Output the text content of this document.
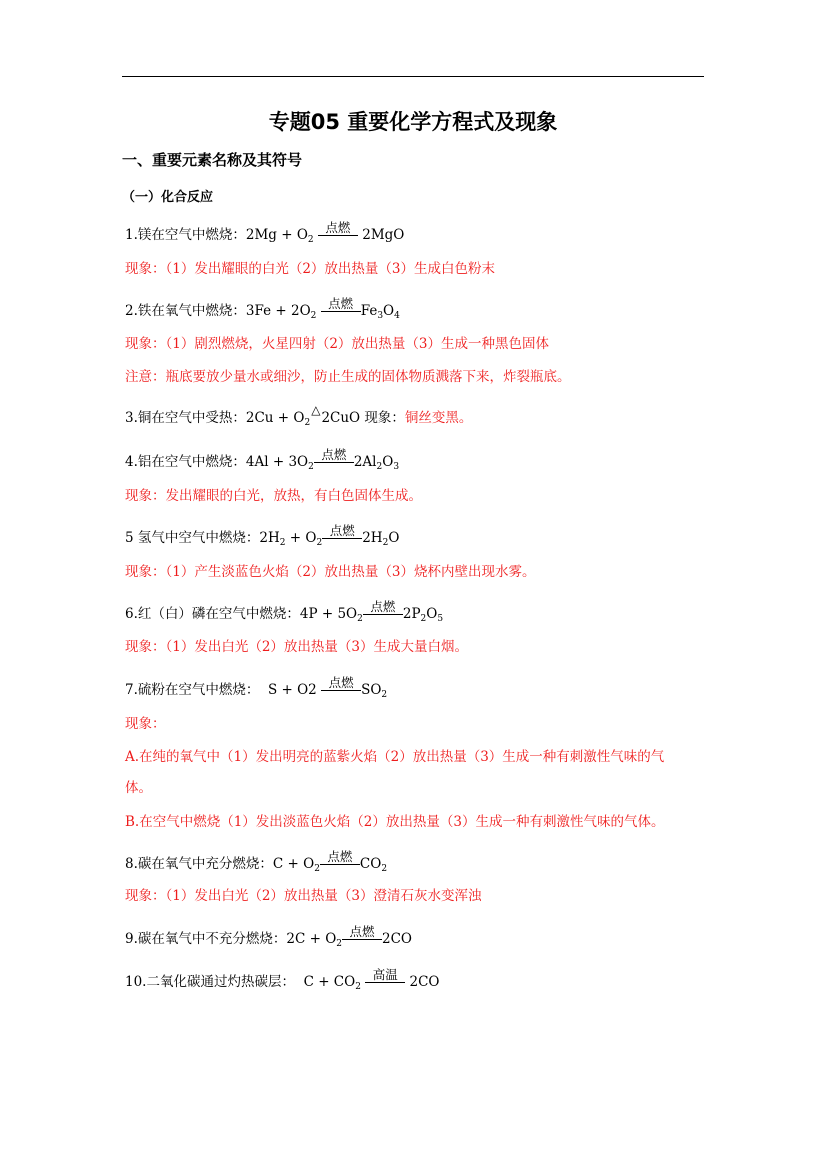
专题05 重要化学方程式及现象
一、重要元素名称及其符号
（一）化合反应
1.镁在空气中燃烧：$2Mg + O_2$ 点燃 2MgO
现象：（1）发出耀眼的白光（2）放出热量（3）生成白色粉末
2.铁在氧气中燃烧：$3Fe + 2O_2$ 点燃 $Fe_3O_4$
现象：（1）剧烈燃烧，火星四射（2）放出热量（3）生成一种黑色固体
注意：瓶底要放少量水或细沙，防止生成的固体物质溅落下来，炸裂瓶底。
3.铜在空气中受热：$2Cu + O_2\triangle 2CuO$ 现象：铜丝变黑。
4.铝在空气中燃烧：$4Al + 3O_2$点燃 $2Al_2O_3$
现象：发出耀眼的白光，放热，有白色固体生成。
5 氢气中空气中燃烧：$2H_2 + O_2$点燃 $2H_2O$
现象：（1）产生淡蓝色火焰（2）放出热量（3）烧杯内壁出现水雾。
6.红（白）磷在空气中燃烧：$4P + 5O_2$点燃 $2P_2O_5$
现象：（1）发出白光（2）放出热量（3）生成大量白烟。
7.硫粉在空气中燃烧：  S + O2 点燃 $SO_2$
现象：
A.在纯的氧气中（1）发出明亮的蓝紫火焰（2）放出热量（3）生成一种有刺激性气味的气
体。
B.在空气中燃烧（1）发出淡蓝色火焰（2）放出热量（3）生成一种有刺激性气味的气体。
8.碳在氧气中充分燃烧：$C + O_2$点燃 $CO_2$
现象：（1）发出白光（2）放出热量（3）澄清石灰水变浑浊
9.碳在氧气中不充分燃烧：$2C + O_2$点燃 2CO
10.二氧化碳通过灼热碳层：  $C + CO_2$ 高温 2CO
